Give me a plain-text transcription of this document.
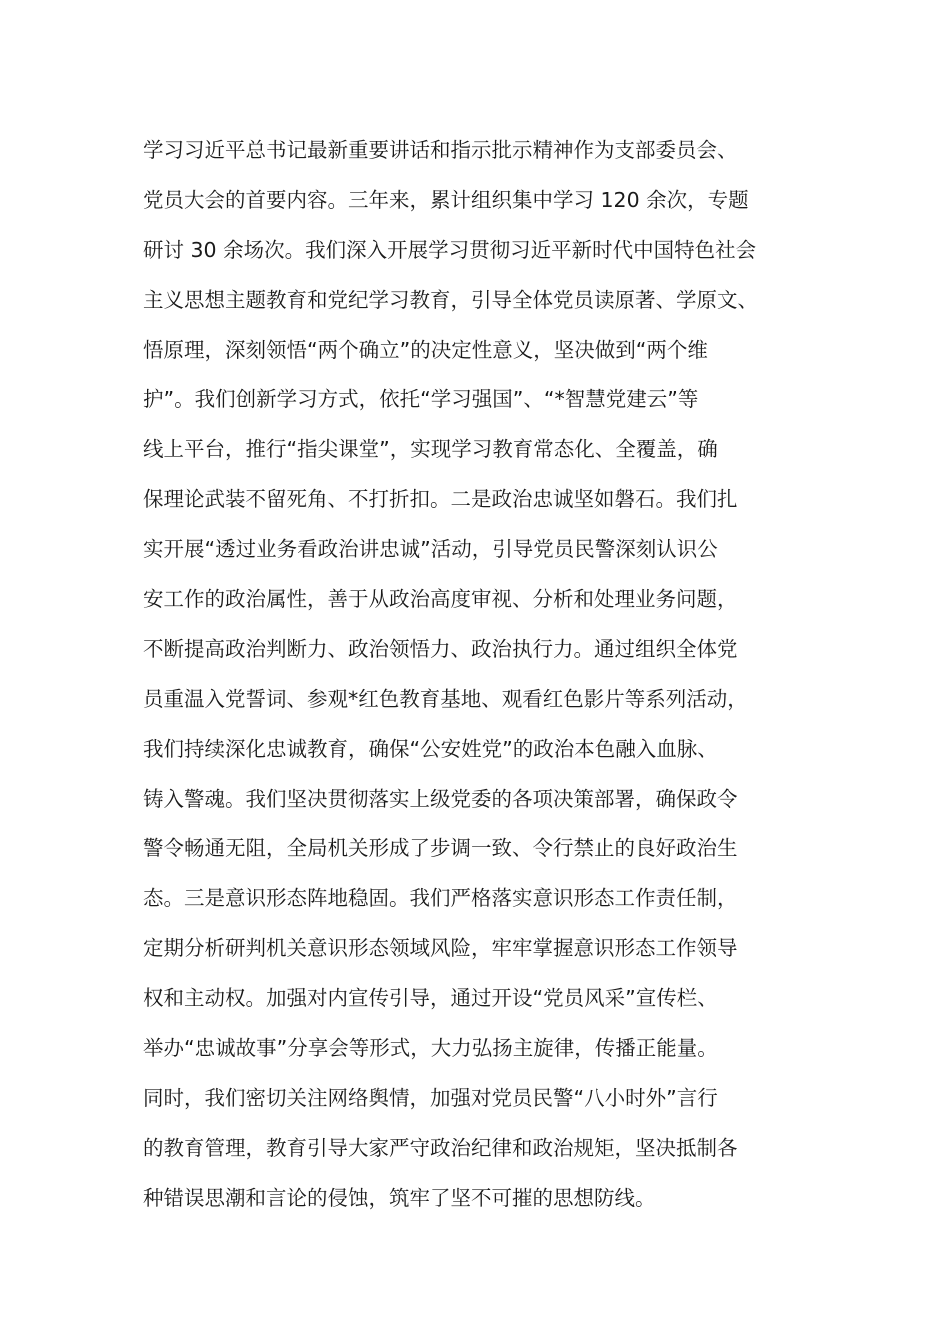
学习习近平总书记最新重要讲话和指示批示精神作为支部委员会、
党员大会的首要内容。三年来，累计组织集中学习 120 余次，专题
研讨 30 余场次。我们深入开展学习贯彻习近平新时代中国特色社会
主义思想主题教育和党纪学习教育，引导全体党员读原著、学原文、
悟原理，深刻领悟“两个确立”的决定性意义，坚决做到“两个维
护”。我们创新学习方式，依托“学习强国”、“*智慧党建云”等
线上平台，推行“指尖课堂”，实现学习教育常态化、全覆盖，确
保理论武装不留死角、不打折扣。二是政治忠诚坚如磐石。我们扎
实开展“透过业务看政治讲忠诚”活动，引导党员民警深刻认识公
安工作的政治属性，善于从政治高度审视、分析和处理业务问题，
不断提高政治判断力、政治领悟力、政治执行力。通过组织全体党
员重温入党誓词、参观*红色教育基地、观看红色影片等系列活动，
我们持续深化忠诚教育，确保“公安姓党”的政治本色融入血脉、
铸入警魂。我们坚决贯彻落实上级党委的各项决策部署，确保政令
警令畅通无阻，全局机关形成了步调一致、令行禁止的良好政治生
态。三是意识形态阵地稳固。我们严格落实意识形态工作责任制，
定期分析研判机关意识形态领域风险，牢牢掌握意识形态工作领导
权和主动权。加强对内宣传引导，通过开设“党员风采”宣传栏、
举办“忠诚故事”分享会等形式，大力弘扬主旋律，传播正能量。
同时，我们密切关注网络舆情，加强对党员民警“八小时外”言行
的教育管理，教育引导大家严守政治纪律和政治规矩，坚决抵制各
种错误思潮和言论的侵蚀，筑牢了坚不可摧的思想防线。
